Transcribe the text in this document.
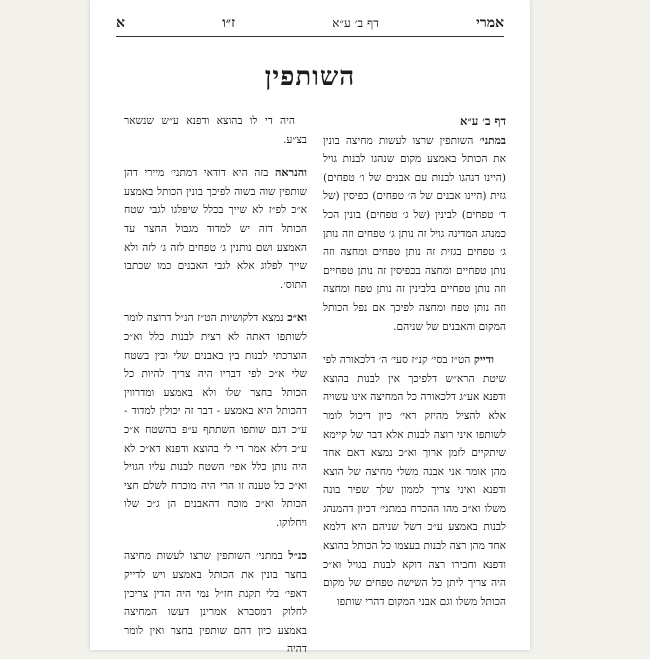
אמרי
דף ב׳ ע״א
ז״ו
א
השותפין

דף ב׳ ע״א
במתני׳ השותפין שרצו לעשות מחיצה בונין את הכותל באמצע מקום שנהגו לבנות גויל (היינו דנהגו לבנות עם אבנים של ו׳ טפחים) גזית (היינו אבנים של ה׳ טפחים) כפיסין (של ד׳ טפחים) לבינין (של ג׳ טפחים) בונין הכל כמנהג המדינה גויל זה נותן ג׳ טפחים וזה נותן ג׳ טפחים בגזית זה נותן טפחים ומחצה וזה נותן טפחיים ומחצה בכפיסין זה נותן טפחיים וזה נותן טפחיים בלבינין זה נותן טפח ומחצה וזה נותן טפח ומחצה לפיכך אם נפל הכותל המקום והאבנים של שניהם.

ודייק הט״ז בסי׳ קנ״ז סעי׳ ה׳ דלכאורה לפי שיטת הרא״ש דלפיכך אין לבנות בהוצא ודפנא אע״ג דלכאורה כל המחיצה אינו עשויה אלא להציל מהיזק ראי׳ כיון דיכול לומר לשותפו איני רוצה לבנות אלא דבר של קיימא שיתקיים לזמן ארוך וא״כ נמצא דאם אחד מהן אומר אני אבנה משלי מחיצה של הוצא ודפנא ואיני צריך לממון שלך שפיר בונה משלו וא״כ מהו ההכרח במתני׳ דכיון דהמנהג לבנות באמצע ע״כ דשל שניהם היא דלמא אחד מהן רצה לבנות בעצמו כל הכותל בהוצא ודפנא וחבירו רצה דוקא לבנות בגויל וא״כ היה צריך ליתן כל השישה טפחים של מקום הכותל משלו וגם אבני המקום דהרי שותפו

היה די לו בהוצא ודפנא ע״ש שנשאר בצ״ע.

והנראה בזה היא דודאי דמתני׳ מיירי דהן שותפין שוה בשוה לפיכך בונין הכותל באמצע א״כ לפ״ז לא שייך בכלל שיפלגו לגבי שטח הכותל דזה יש למדוד מגבול החצר עד האמצע ושם נותנין ג׳ טפחים לזה ג׳ לזה ולא שייך לפלוג אלא לגבי האבנים כמו שכתבו התוס׳.

וא״כ נמצא דלקושיות הט״ז הנ״ל דרוצה לומר לשותפו דאתה לא רצית לבנות כלל וא״כ הוצרכתי לבנות בין באבנים שלי ובין בשטח שלי א״כ לפי דבריו היה צריך להיות כל הכותל בחצר שלו ולא באמצע ומדרווין דהכותל היא באמצע - דבר זה יכולין למדוד - ע״כ דגם שותפו השתתף ע״פ בהשטח א״כ ע״כ דלא אמר די לי בהוצא ודפנא דא״כ לא היה נותן כלל אפי׳ השטח לבנות עליו הגויל וא״כ כל טענה זו הרי היה מוכרח לשלם חצי הכותל וא״כ מוכח דהאבנים הן ג״כ שלו ויחלוקו.

כנ״ל במתני׳ השותפין שרצו לעשות מחיצה בחצר בונין את הכותל באמצע ויש לדייק דאפי׳ בלי תקנת חז״ל נמי היה הדין צריכין לחלוק דמסברא אמרינן דעשו המחיצה באמצע כיון דהם שותפין בחצר ואין לומר דהיה
